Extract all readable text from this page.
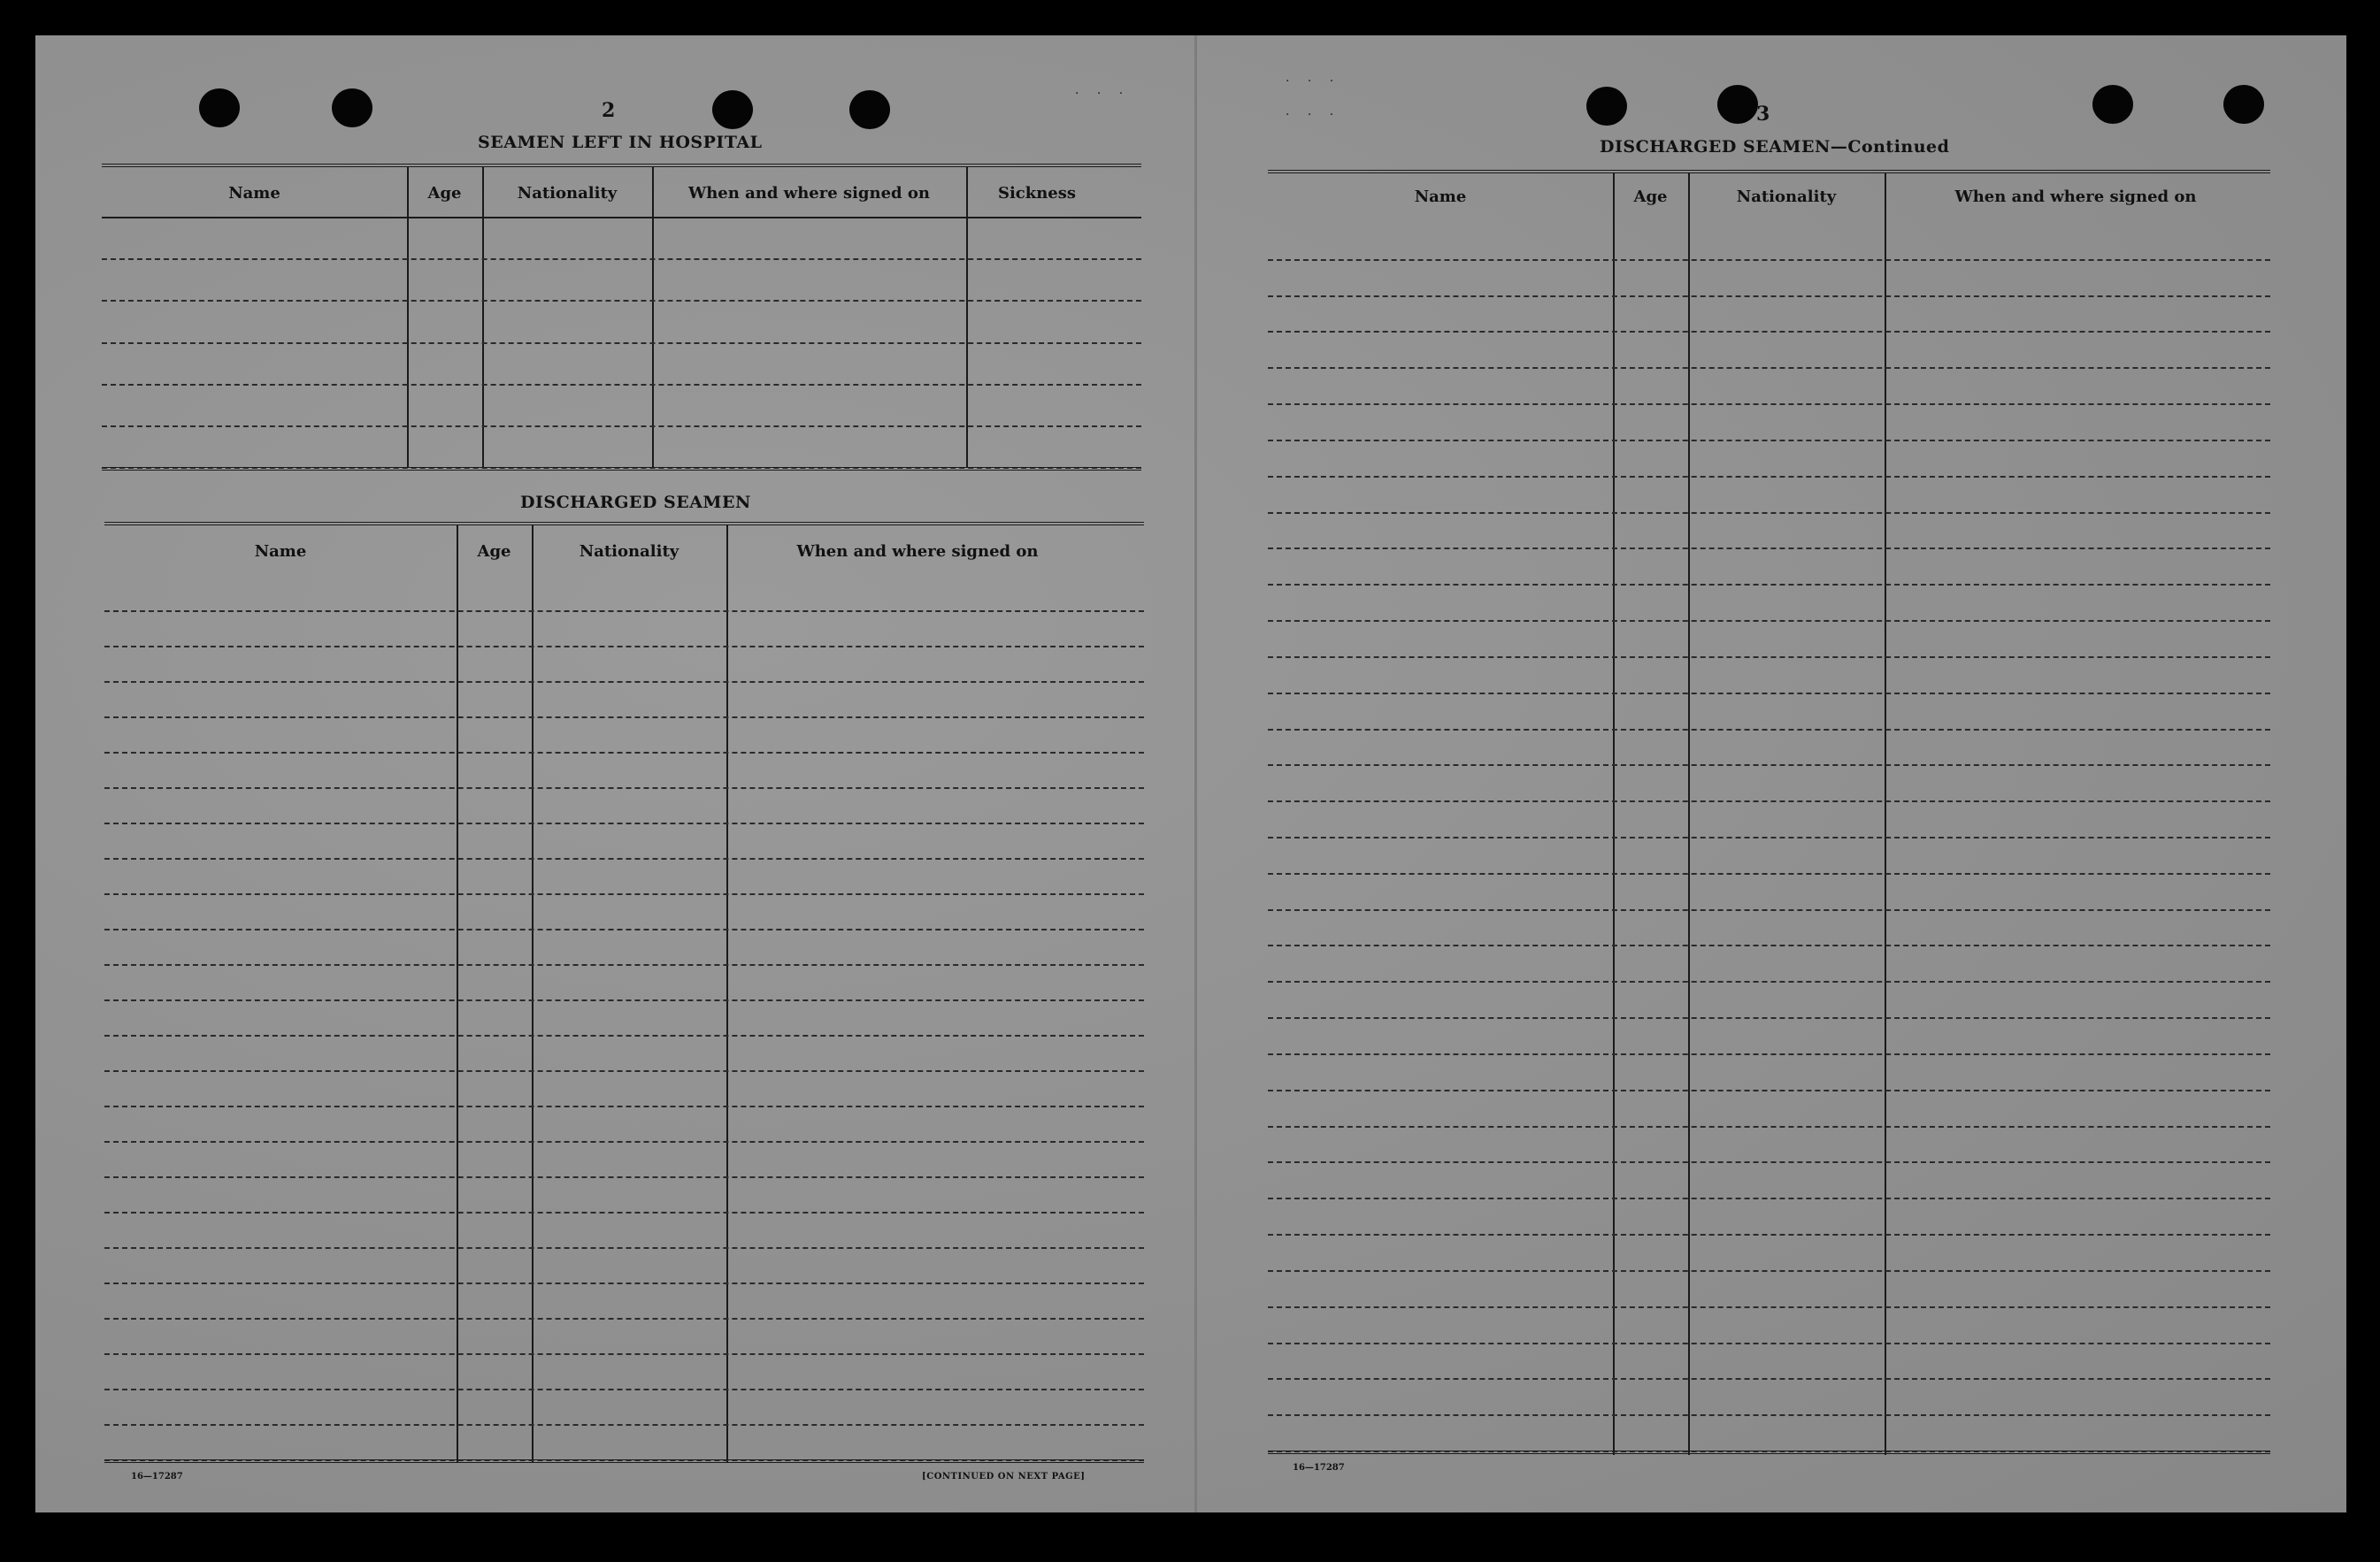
· · ·
2
SEAMEN LEFT IN HOSPITAL
Name	Age	Nationality	When and where signed on	Sickness
DISCHARGED SEAMEN
Name	Age	Nationality	When and where signed on
16—17287	[CONTINUED ON NEXT PAGE]
· · ·
· · ·	3
DISCHARGED SEAMEN—Continued
Name	Age	Nationality	When and where signed on
16—17287
